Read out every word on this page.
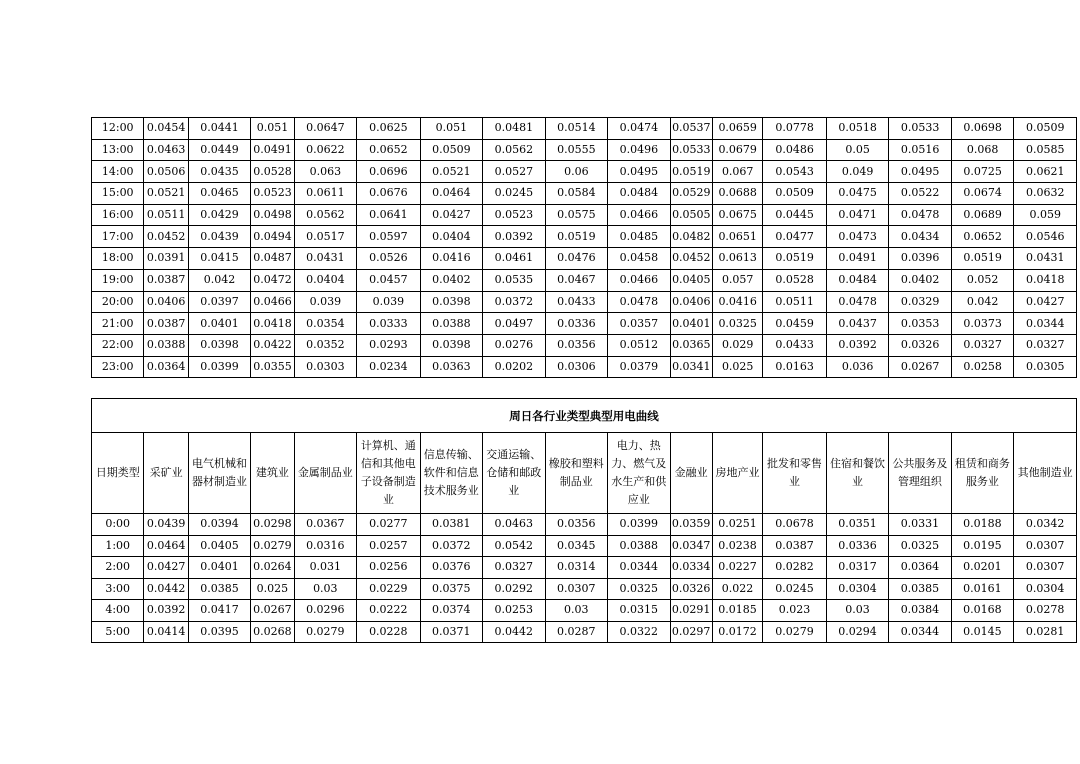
12:00	0.0454	0.0441	0.051	0.0647	0.0625	0.051	0.0481	0.0514	0.0474	0.0537	0.0659	0.0778	0.0518	0.0533	0.0698	0.0509
13:00	0.0463	0.0449	0.0491	0.0622	0.0652	0.0509	0.0562	0.0555	0.0496	0.0533	0.0679	0.0486	0.05	0.0516	0.068	0.0585
14:00	0.0506	0.0435	0.0528	0.063	0.0696	0.0521	0.0527	0.06	0.0495	0.0519	0.067	0.0543	0.049	0.0495	0.0725	0.0621
15:00	0.0521	0.0465	0.0523	0.0611	0.0676	0.0464	0.0245	0.0584	0.0484	0.0529	0.0688	0.0509	0.0475	0.0522	0.0674	0.0632
16:00	0.0511	0.0429	0.0498	0.0562	0.0641	0.0427	0.0523	0.0575	0.0466	0.0505	0.0675	0.0445	0.0471	0.0478	0.0689	0.059
17:00	0.0452	0.0439	0.0494	0.0517	0.0597	0.0404	0.0392	0.0519	0.0485	0.0482	0.0651	0.0477	0.0473	0.0434	0.0652	0.0546
18:00	0.0391	0.0415	0.0487	0.0431	0.0526	0.0416	0.0461	0.0476	0.0458	0.0452	0.0613	0.0519	0.0491	0.0396	0.0519	0.0431
19:00	0.0387	0.042	0.0472	0.0404	0.0457	0.0402	0.0535	0.0467	0.0466	0.0405	0.057	0.0528	0.0484	0.0402	0.052	0.0418
20:00	0.0406	0.0397	0.0466	0.039	0.039	0.0398	0.0372	0.0433	0.0478	0.0406	0.0416	0.0511	0.0478	0.0329	0.042	0.0427
21:00	0.0387	0.0401	0.0418	0.0354	0.0333	0.0388	0.0497	0.0336	0.0357	0.0401	0.0325	0.0459	0.0437	0.0353	0.0373	0.0344
22:00	0.0388	0.0398	0.0422	0.0352	0.0293	0.0398	0.0276	0.0356	0.0512	0.0365	0.029	0.0433	0.0392	0.0326	0.0327	0.0327
23:00	0.0364	0.0399	0.0355	0.0303	0.0234	0.0363	0.0202	0.0306	0.0379	0.0341	0.025	0.0163	0.036	0.0267	0.0258	0.0305
周日各行业类型典型用电曲线																
日期类型	采矿业	电气机械和器材制造业	建筑业	金属制品业	计算机、通信和其他电子设备制造业	信息传输、软件和信息技术服务业	交通运输、仓储和邮政业	橡胶和塑料制品业	电力、热力、燃气及水生产和供应业	金融业	房地产业	批发和零售业	住宿和餐饮业	公共服务及管理组织	租赁和商务服务业	其他制造业
0:00	0.0439	0.0394	0.0298	0.0367	0.0277	0.0381	0.0463	0.0356	0.0399	0.0359	0.0251	0.0678	0.0351	0.0331	0.0188	0.0342
1:00	0.0464	0.0405	0.0279	0.0316	0.0257	0.0372	0.0542	0.0345	0.0388	0.0347	0.0238	0.0387	0.0336	0.0325	0.0195	0.0307
2:00	0.0427	0.0401	0.0264	0.031	0.0256	0.0376	0.0327	0.0314	0.0344	0.0334	0.0227	0.0282	0.0317	0.0364	0.0201	0.0307
3:00	0.0442	0.0385	0.025	0.03	0.0229	0.0375	0.0292	0.0307	0.0325	0.0326	0.022	0.0245	0.0304	0.0385	0.0161	0.0304
4:00	0.0392	0.0417	0.0267	0.0296	0.0222	0.0374	0.0253	0.03	0.0315	0.0291	0.0185	0.023	0.03	0.0384	0.0168	0.0278
5:00	0.0414	0.0395	0.0268	0.0279	0.0228	0.0371	0.0442	0.0287	0.0322	0.0297	0.0172	0.0279	0.0294	0.0344	0.0145	0.0281
